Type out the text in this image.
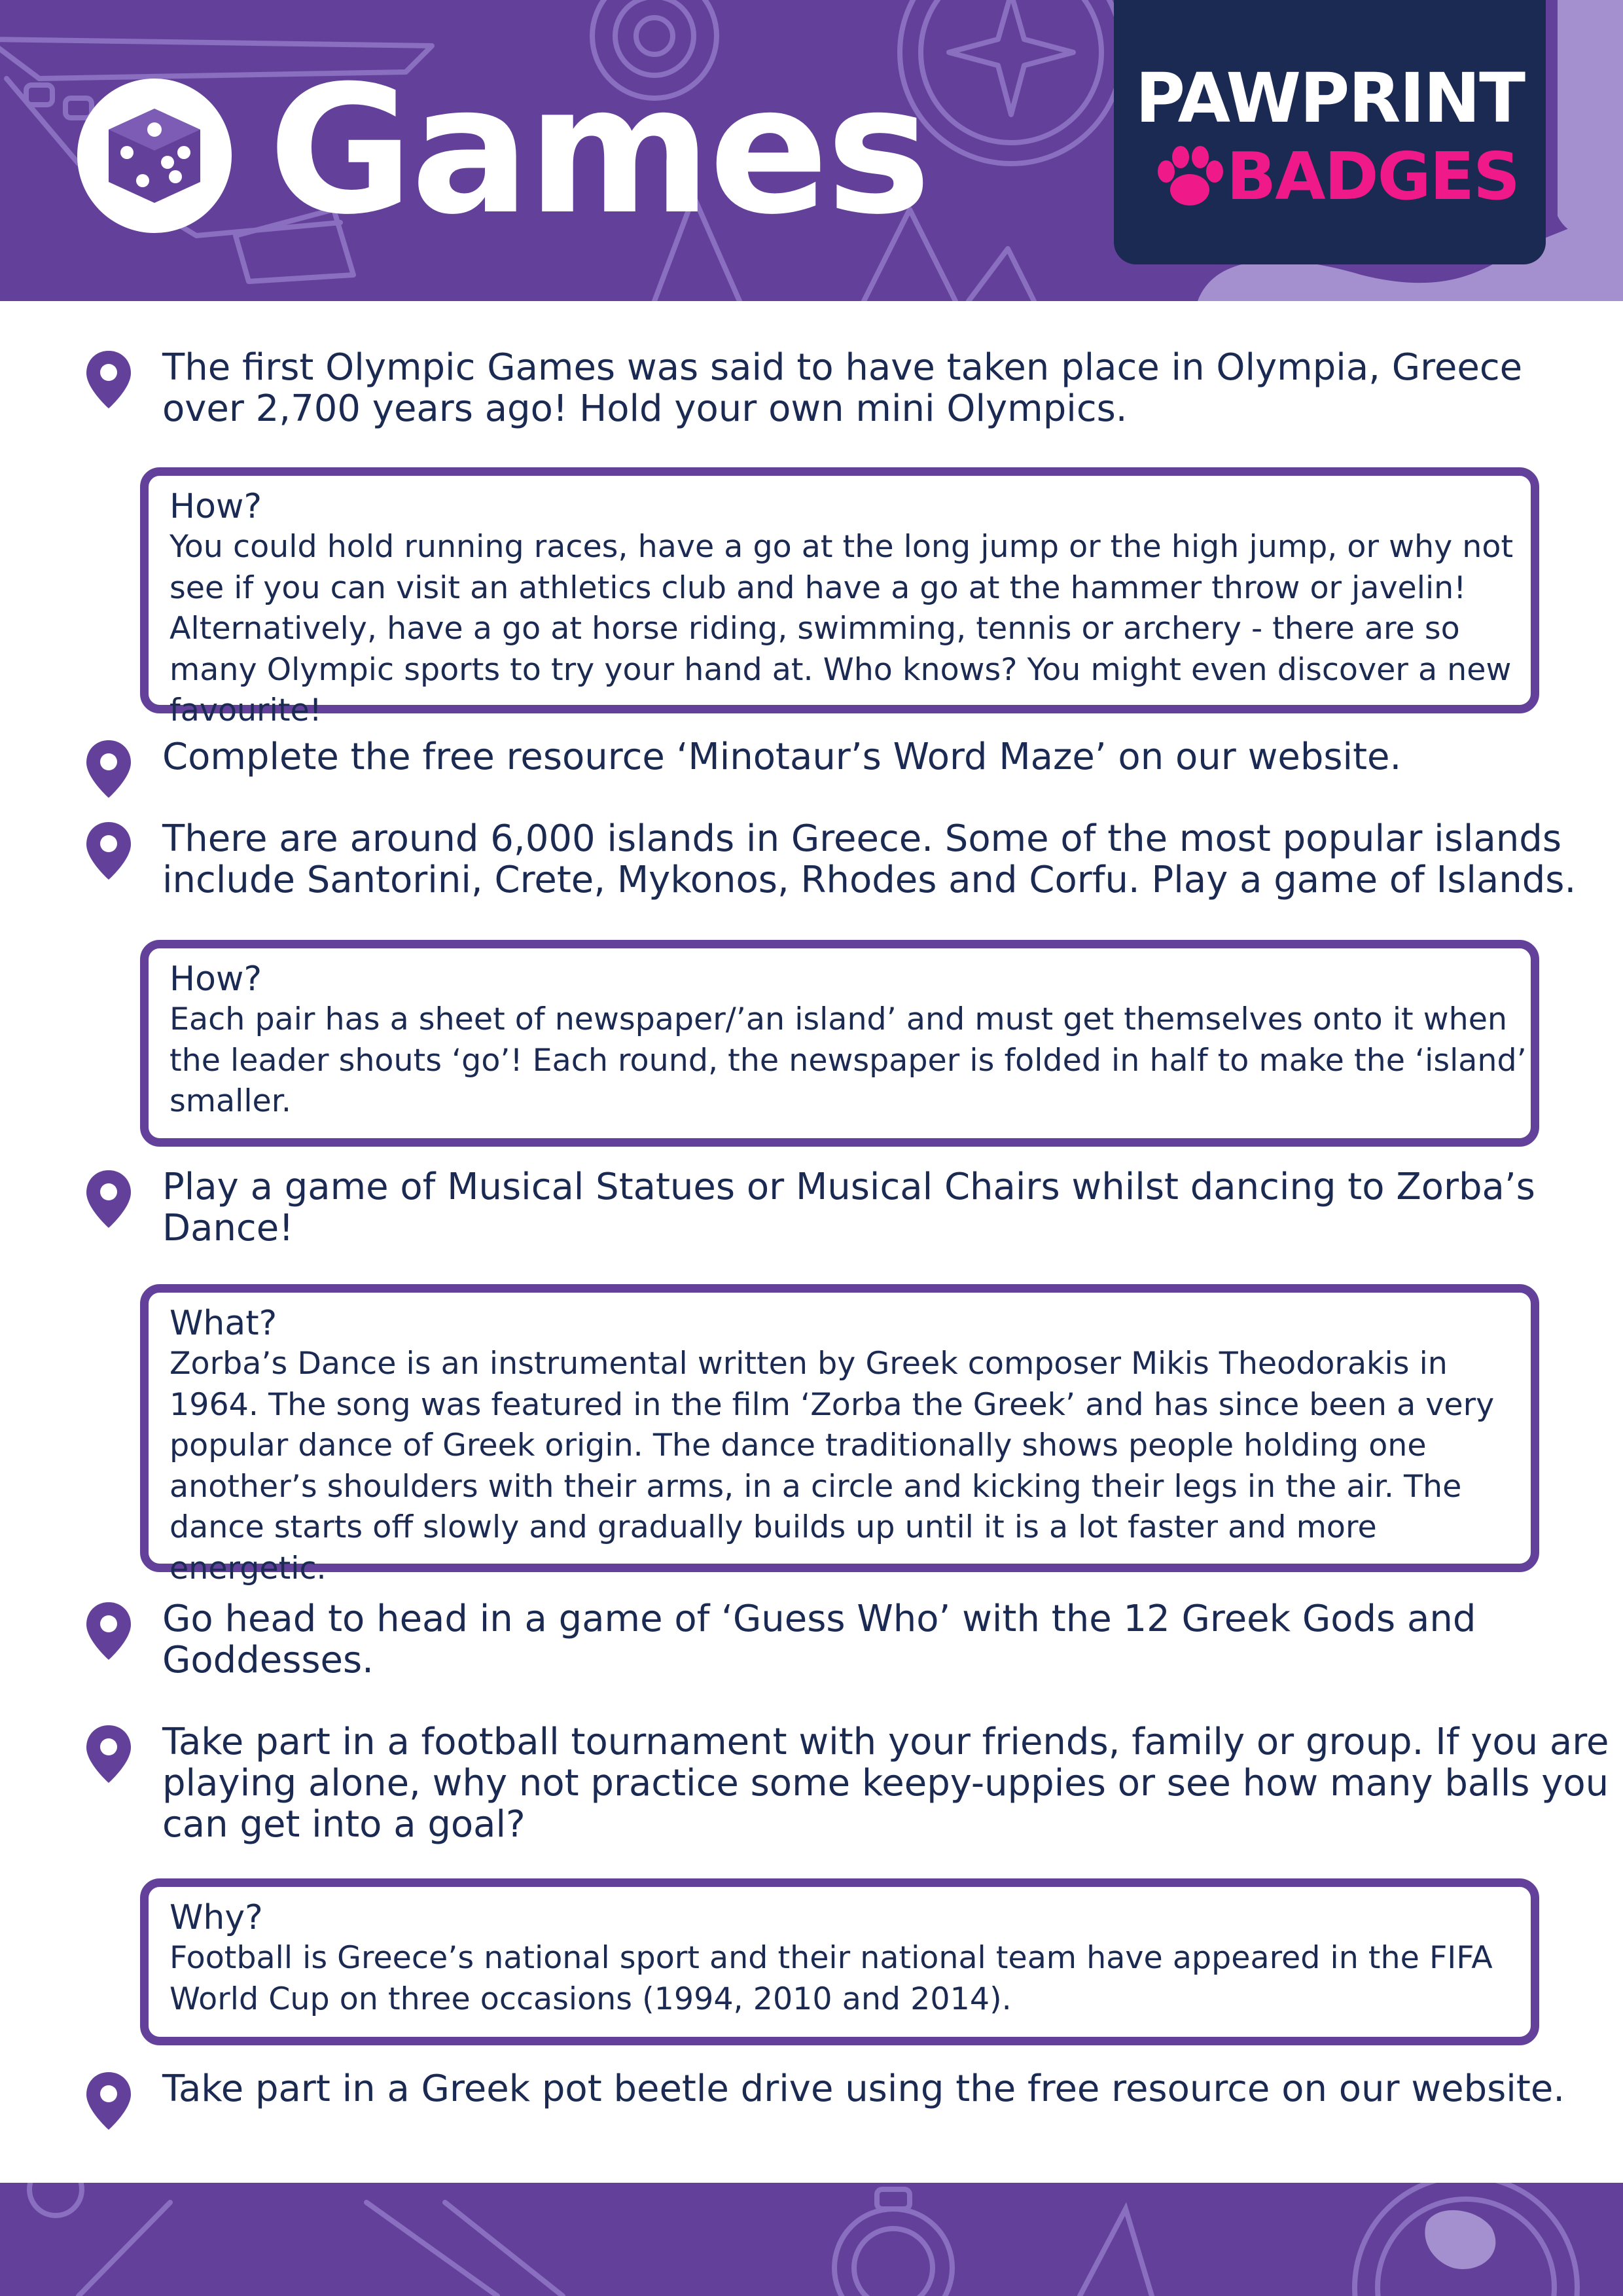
Games	PAWPRINT
BADGES

The first Olympic Games was said to have taken place in Olympia, Greece over 2,700 years ago! Hold your own mini Olympics.

How?

You could hold running races, have a go at the long jump or the high jump, or why not see if you can visit an athletics club and have a go at the hammer throw or javelin! Alternatively, have a go at horse riding, swimming, tennis or archery - there are so many Olympic sports to try your hand at. Who knows? You might even discover a new favourite!

Complete the free resource ‘Minotaur’s Word Maze’ on our website.

There are around 6,000 islands in Greece. Some of the most popular islands include Santorini, Crete, Mykonos, Rhodes and Corfu. Play a game of Islands.

How?

Each pair has a sheet of newspaper/’an island’ and must get themselves onto it when the leader shouts ‘go’! Each round, the newspaper is folded in half to make the ‘island’ smaller.

Play a game of Musical Statues or Musical Chairs whilst dancing to Zorba’s Dance!

What?

Zorba’s Dance is an instrumental written by Greek composer Mikis Theodorakis in 1964. The song was featured in the film ‘Zorba the Greek’ and has since been a very popular dance of Greek origin. The dance traditionally shows people holding one another’s shoulders with their arms, in a circle and kicking their legs in the air. The dance starts off slowly and gradually builds up until it is a lot faster and more energetic.

Go head to head in a game of ‘Guess Who’ with the 12 Greek Gods and Goddesses.

Take part in a football tournament with your friends, family or group. If you are playing alone, why not practice some keepy-uppies or see how many balls you can get into a goal?

Why?

Football is Greece’s national sport and their national team have appeared in the FIFA World Cup on three occasions (1994, 2010 and 2014).

Take part in a Greek pot beetle drive using the free resource on our website.
